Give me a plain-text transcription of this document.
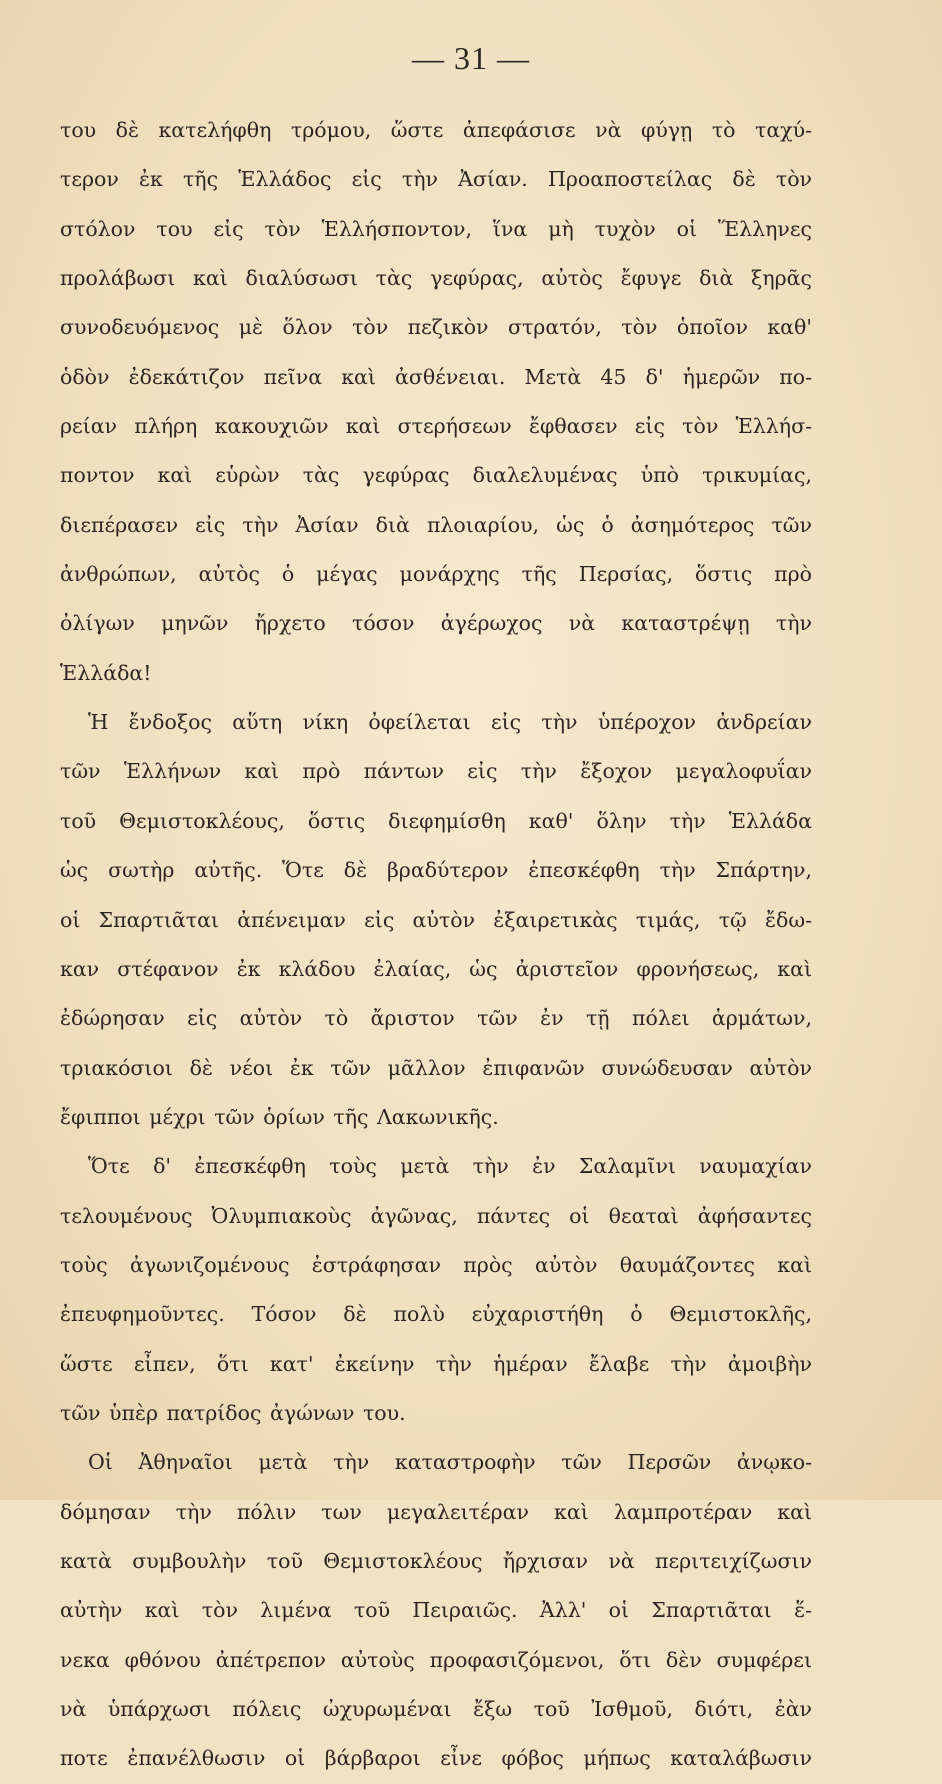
— 31 —
του δὲ κατελήφθη τρόμου, ὥστε ἀπεφάσισε νὰ φύγῃ τὸ ταχύ-
τερον ἐκ τῆς Ἑλλάδος εἰς τὴν Ἀσίαν. Προαποστείλας δὲ τὸν
στόλον του εἰς τὸν Ἑλλήσποντον, ἵνα μὴ τυχὸν οἱ Ἕλληνες
προλάβωσι καὶ διαλύσωσι τὰς γεφύρας, αὐτὸς ἔφυγε διὰ ξηρᾶς
συνοδευόμενος μὲ ὅλον τὸν πεζικὸν στρατόν, τὸν ὁποῖον καθ'
ὁδὸν ἐδεκάτιζον πεῖνα καὶ ἀσθένειαι. Μετὰ 45 δ' ἡμερῶν πο-
ρείαν πλήρη κακουχιῶν καὶ στερήσεων ἔφθασεν εἰς τὸν Ἑλλήσ-
ποντον καὶ εὑρὼν τὰς γεφύρας διαλελυμένας ὑπὸ τρικυμίας,
διεπέρασεν εἰς τὴν Ἀσίαν διὰ πλοιαρίου, ὡς ὁ ἀσημότερος τῶν
ἀνθρώπων, αὐτὸς ὁ μέγας μονάρχης τῆς Περσίας, ὅστις πρὸ
ὀλίγων μηνῶν ἤρχετο τόσον ἀγέρωχος νὰ καταστρέψῃ τὴν
Ἑλλάδα!
Ἡ ἔνδοξος αὕτη νίκη ὀφείλεται εἰς τὴν ὑπέροχον ἀνδρείαν
τῶν Ἑλλήνων καὶ πρὸ πάντων εἰς τὴν ἔξοχον μεγαλοφυΐαν
τοῦ Θεμιστοκλέους, ὅστις διεφημίσθη καθ' ὅλην τὴν Ἑλλάδα
ὡς σωτὴρ αὐτῆς. Ὅτε δὲ βραδύτερον ἐπεσκέφθη τὴν Σπάρτην,
οἱ Σπαρτιᾶται ἀπένειμαν εἰς αὐτὸν ἐξαιρετικὰς τιμάς, τῷ ἔδω-
καν στέφανον ἐκ κλάδου ἐλαίας, ὡς ἀριστεῖον φρονήσεως, καὶ
ἐδώρησαν εἰς αὐτὸν τὸ ἄριστον τῶν ἐν τῇ πόλει ἁρμάτων,
τριακόσιοι δὲ νέοι ἐκ τῶν μᾶλλον ἐπιφανῶν συνώδευσαν αὐτὸν
ἔφιπποι μέχρι τῶν ὁρίων τῆς Λακωνικῆς.
Ὅτε δ' ἐπεσκέφθη τοὺς μετὰ τὴν ἐν Σαλαμῖνι ναυμαχίαν
τελουμένους Ὀλυμπιακοὺς ἀγῶνας, πάντες οἱ θεαταὶ ἀφήσαντες
τοὺς ἀγωνιζομένους ἐστράφησαν πρὸς αὐτὸν θαυμάζοντες καὶ
ἐπευφημοῦντες. Τόσον δὲ πολὺ εὐχαριστήθη ὁ Θεμιστοκλῆς,
ὥστε εἶπεν, ὅτι κατ' ἐκείνην τὴν ἡμέραν ἔλαβε τὴν ἀμοιβὴν
τῶν ὑπὲρ πατρίδος ἀγώνων του.
Οἱ Ἀθηναῖοι μετὰ τὴν καταστροφὴν τῶν Περσῶν ἀνῳκο-
δόμησαν τὴν πόλιν των μεγαλειτέραν καὶ λαμπροτέραν καὶ
κατὰ συμβουλὴν τοῦ Θεμιστοκλέους ἤρχισαν νὰ περιτειχίζωσιν
αὐτὴν καὶ τὸν λιμένα τοῦ Πειραιῶς. Ἀλλ' οἱ Σπαρτιᾶται ἕ-
νεκα φθόνου ἀπέτρεπον αὐτοὺς προφασιζόμενοι, ὅτι δὲν συμφέρει
νὰ ὑπάρχωσι πόλεις ὠχυρωμέναι ἔξω τοῦ Ἰσθμοῦ, διότι, ἐὰν
ποτε ἐπανέλθωσιν οἱ βάρβαροι εἶνε φόβος μήπως καταλάβωσιν
